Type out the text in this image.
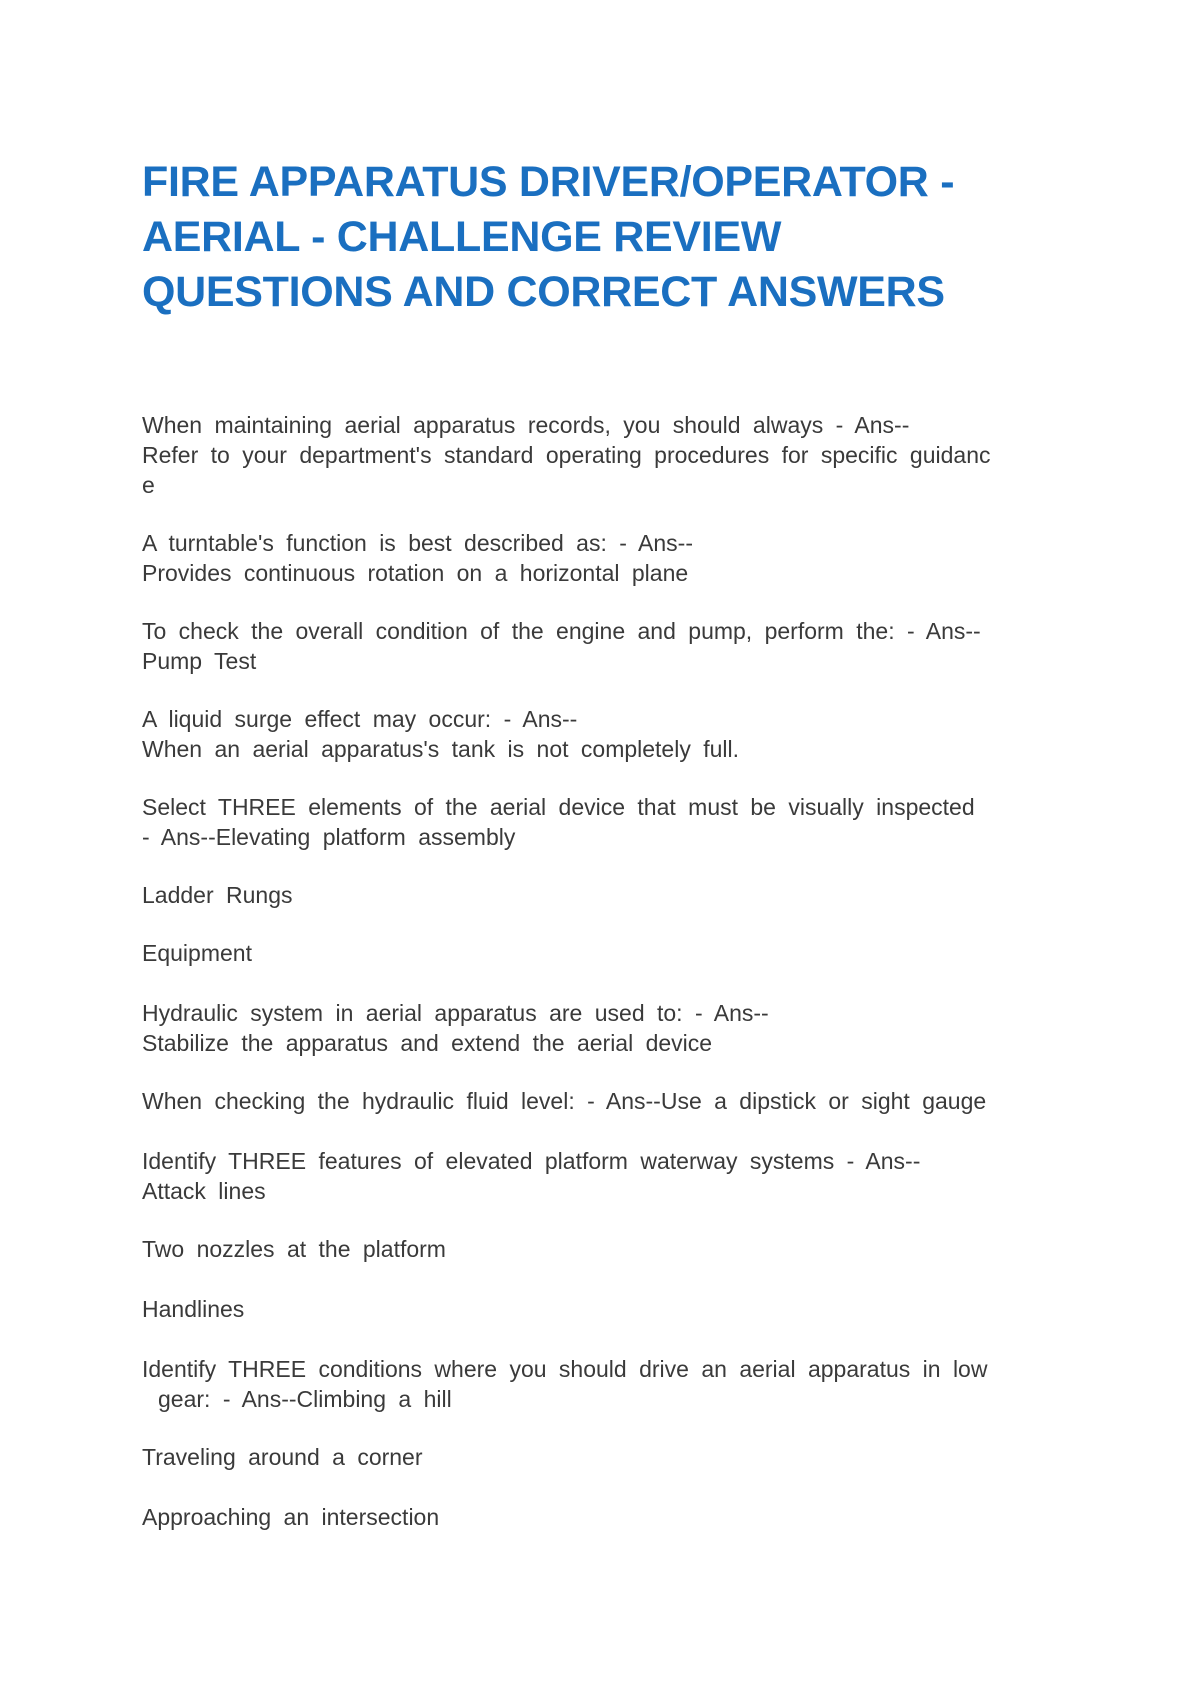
FIRE APPARATUS DRIVER/OPERATOR -
AERIAL - CHALLENGE REVIEW
QUESTIONS AND CORRECT ANSWERS
When maintaining aerial apparatus records, you should always - Ans--
Refer to your department's standard operating procedures for specific guidanc
e
A turntable's function is best described as: - Ans--
Provides continuous rotation on a horizontal plane
To check the overall condition of the engine and pump, perform the: - Ans--
Pump Test
A liquid surge effect may occur: - Ans--
When an aerial apparatus's tank is not completely full.
Select THREE elements of the aerial device that must be visually inspected
- Ans--Elevating platform assembly
Ladder Rungs
Equipment
Hydraulic system in aerial apparatus are used to: - Ans--
Stabilize the apparatus and extend the aerial device
When checking the hydraulic fluid level: - Ans--Use a dipstick or sight gauge
Identify THREE features of elevated platform waterway systems - Ans--
Attack lines
Two nozzles at the platform
Handlines
Identify THREE conditions where you should drive an aerial apparatus in low
gear: - Ans--Climbing a hill
Traveling around a corner
Approaching an intersection
